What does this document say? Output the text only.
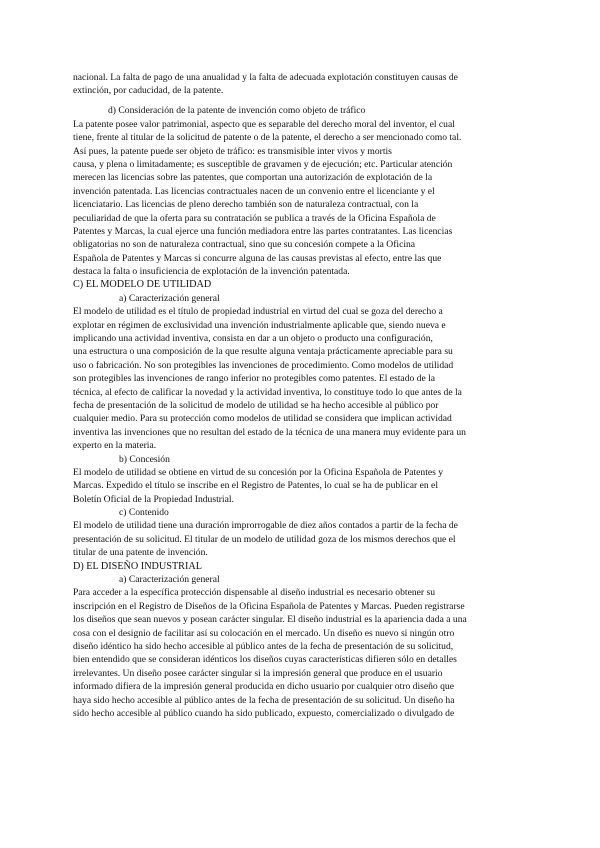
nacional. La falta de pago de una anualidad y la falta de adecuada explotación constituyen causas de
extinción, por caducidad, de la patente.
d) Consideración de la patente de invención como objeto de tráfico
La patente posee valor patrimonial, aspecto que es separable del derecho moral del inventor, el cual
tiene, frente al titular de la solicitud de patente o de la patente, el derecho a ser mencionado como tal.
Así pues, la patente puede ser objeto de tráfico: es transmisible inter vivos y mortis
causa, y plena o limitadamente; es susceptible de gravamen y de ejecución; etc. Particular atención
merecen las licencias sobre las patentes, que comportan una autorización de explotación de la
invención patentada. Las licencias contractuales nacen de un convenio entre el licenciante y el
licenciatario. Las licencias de pleno derecho también son de naturaleza contractual, con la
peculiaridad de que la oferta para su contratación se publica a través de la Oficina Española de
Patentes y Marcas, la cual ejerce una función mediadora entre las partes contratantes. Las licencias
obligatorias no son de naturaleza contractual, sino que su concesión compete a la Oficina
Española de Patentes y Marcas si concurre alguna de las causas previstas al efecto, entre las que
destaca la falta o insuficiencia de explotación de la invención patentada.
C) EL MODELO DE UTILIDAD
a) Caracterización general
El modelo de utilidad es el título de propiedad industrial en virtud del cual se goza del derecho a
explotar en régimen de exclusividad una invención industrialmente aplicable que, siendo nueva e
implicando una actividad inventiva, consista en dar a un objeto o producto una configuración,
una estructura o una composición de la que resulte alguna ventaja prácticamente apreciable para su
uso o fabricación. No son protegibles las invenciones de procedimiento. Como modelos de utilidad
son protegibles las invenciones de rango inferior no protegibles como patentes. El estado de la
técnica, al efecto de calificar la novedad y la actividad inventiva, lo constituye todo lo que antes de la
fecha de presentación de la solicitud de modelo de utilidad se ha hecho accesible al público por
cualquier medio. Para su protección como modelos de utilidad se considera que implican actividad
inventiva las invenciones que no resultan del estado de la técnica de una manera muy evidente para un
experto en la materia.
b) Concesión
El modelo de utilidad se obtiene en virtud de su concesión por la Oficina Española de Patentes y
Marcas. Expedido el título se inscribe en el Registro de Patentes, lo cual se ha de publicar en el
Boletín Oficial de la Propiedad Industrial.
c) Contenido
El modelo de utilidad tiene una duración improrrogable de diez años contados a partir de la fecha de
presentación de su solicitud. El titular de un modelo de utilidad goza de los mismos derechos que el
titular de una patente de invención.
D) EL DISEÑO INDUSTRIAL
a) Caracterización general
Para acceder a la específica protección dispensable al diseño industrial es necesario obtener su
inscripción en el Registro de Diseños de la Oficina Española de Patentes y Marcas. Pueden registrarse
los diseños que sean nuevos y posean carácter singular. El diseño industrial es la apariencia dada a una
cosa con el designio de facilitar así su colocación en el mercado. Un diseño es nuevo si ningún otro
diseño idéntico ha sido hecho accesible al público antes de la fecha de presentación de su solicitud,
bien entendido que se consideran idénticos los diseños cuyas características difieren sólo en detalles
irrelevantes. Un diseño posee carácter singular si la impresión general que produce en el usuario
informado difiera de la impresión general producida en dicho usuario por cualquier otro diseño que
haya sido hecho accesible al público antes de la fecha de presentación de su solicitud. Un diseño ha
sido hecho accesible al público cuando ha sido publicado, expuesto, comercializado o divulgado de
